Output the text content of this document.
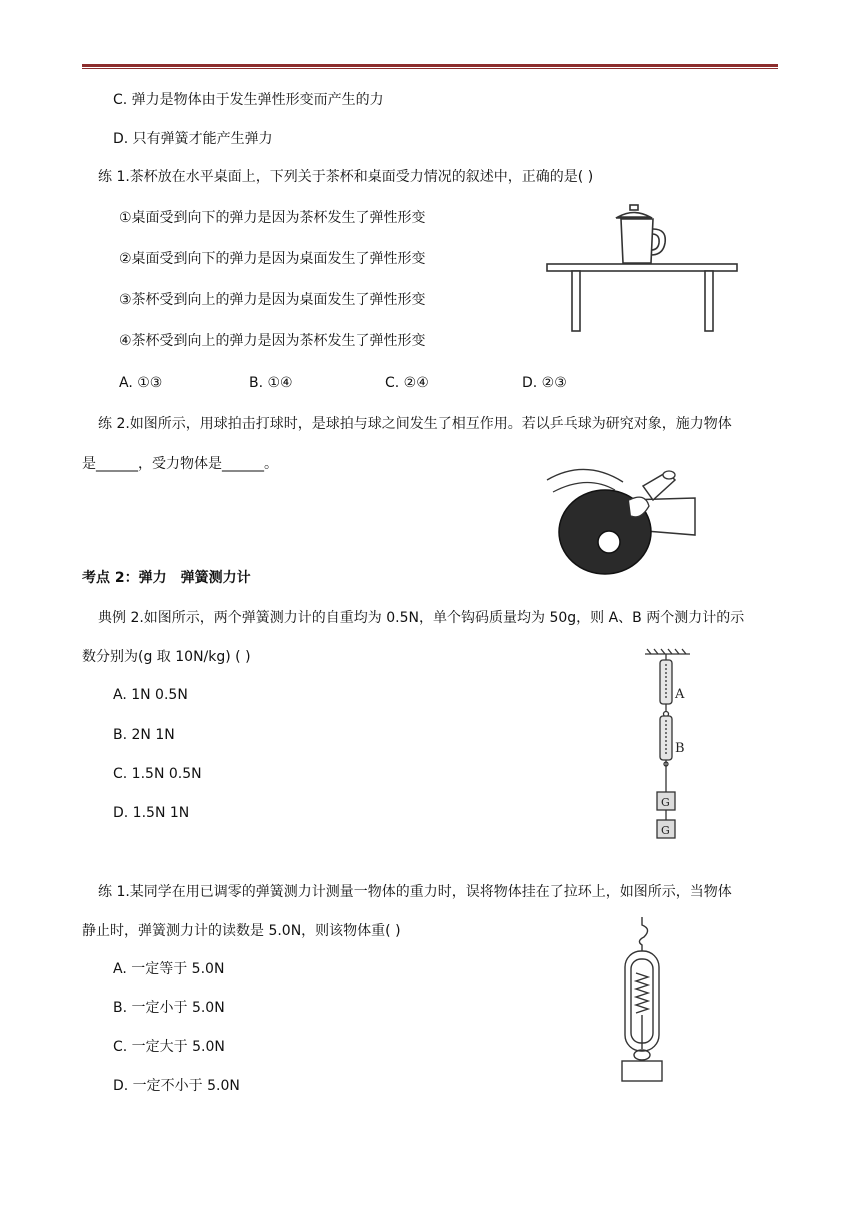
C. 弹力是物体由于发生弹性形变而产生的力
D. 只有弹簧才能产生弹力
练 1.茶杯放在水平桌面上，下列关于茶杯和桌面受力情况的叙述中，正确的是( )
①桌面受到向下的弹力是因为茶杯发生了弹性形变
②桌面受到向下的弹力是因为桌面发生了弹性形变
③茶杯受到向上的弹力是因为桌面发生了弹性形变
④茶杯受到向上的弹力是因为茶杯发生了弹性形变
A. ①③	B. ①④	C. ②④	D. ②③
练 2.如图所示，用球拍击打球时，是球拍与球之间发生了相互作用。若以乒乓球为研究对象，施力物体
是______，受力物体是______。
考点 2：弹力　弹簧测力计
典例 2.如图所示，两个弹簧测力计的自重均为 0.5N，单个钩码质量均为 50g，则 A、B 两个测力计的示
数分别为(g 取 10N/kg) ( )
A. 1N 0.5N
B. 2N 1N
C. 1.5N 0.5N
D. 1.5N 1N
A
B
G
G
练 1.某同学在用已调零的弹簧测力计测量一物体的重力时，误将物体挂在了拉环上，如图所示，当物体
静止时，弹簧测力计的读数是 5.0N，则该物体重( )
A. 一定等于 5.0N
B. 一定小于 5.0N
C. 一定大于 5.0N
D. 一定不小于 5.0N
